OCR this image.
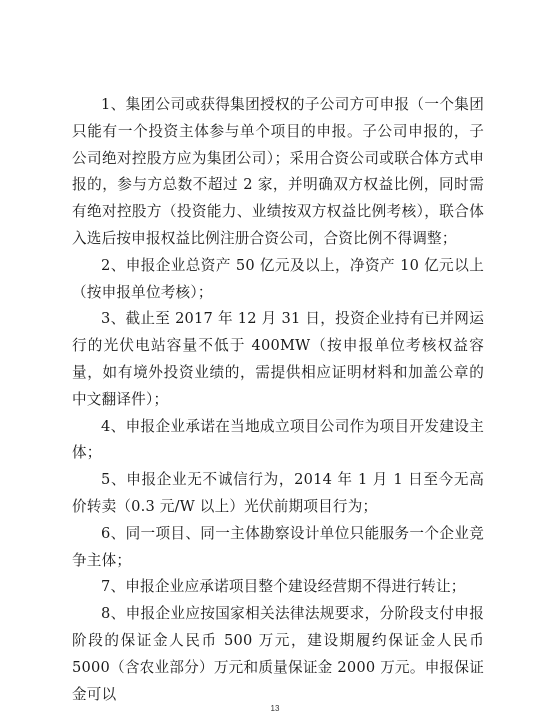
1、集团公司或获得集团授权的子公司方可申报（一个集团只能有一个投资主体参与单个项目的申报。子公司申报的，子公司绝对控股方应为集团公司）；采用合资公司或联合体方式申报的，参与方总数不超过 2 家，并明确双方权益比例，同时需有绝对控股方（投资能力、业绩按双方权益比例考核），联合体入选后按申报权益比例注册合资公司，合资比例不得调整；

2、申报企业总资产 50 亿元及以上，净资产 10 亿元以上（按申报单位考核）；

3、截止至 2017 年 12 月 31 日，投资企业持有已并网运行的光伏电站容量不低于 400MW（按申报单位考核权益容量，如有境外投资业绩的，需提供相应证明材料和加盖公章的中文翻译件）；

4、申报企业承诺在当地成立项目公司作为项目开发建设主体；

5、申报企业无不诚信行为，2014 年 1 月 1 日至今无高价转卖（0.3 元/W 以上）光伏前期项目行为；

6、同一项目、同一主体勘察设计单位只能服务一个企业竞争主体；

7、申报企业应承诺项目整个建设经营期不得进行转让；

8、申报企业应按国家相关法律法规要求，分阶段支付申报阶段的保证金人民币 500 万元，建设期履约保证金人民币 5000（含农业部分）万元和质量保证金 2000 万元。申报保证金可以

13
